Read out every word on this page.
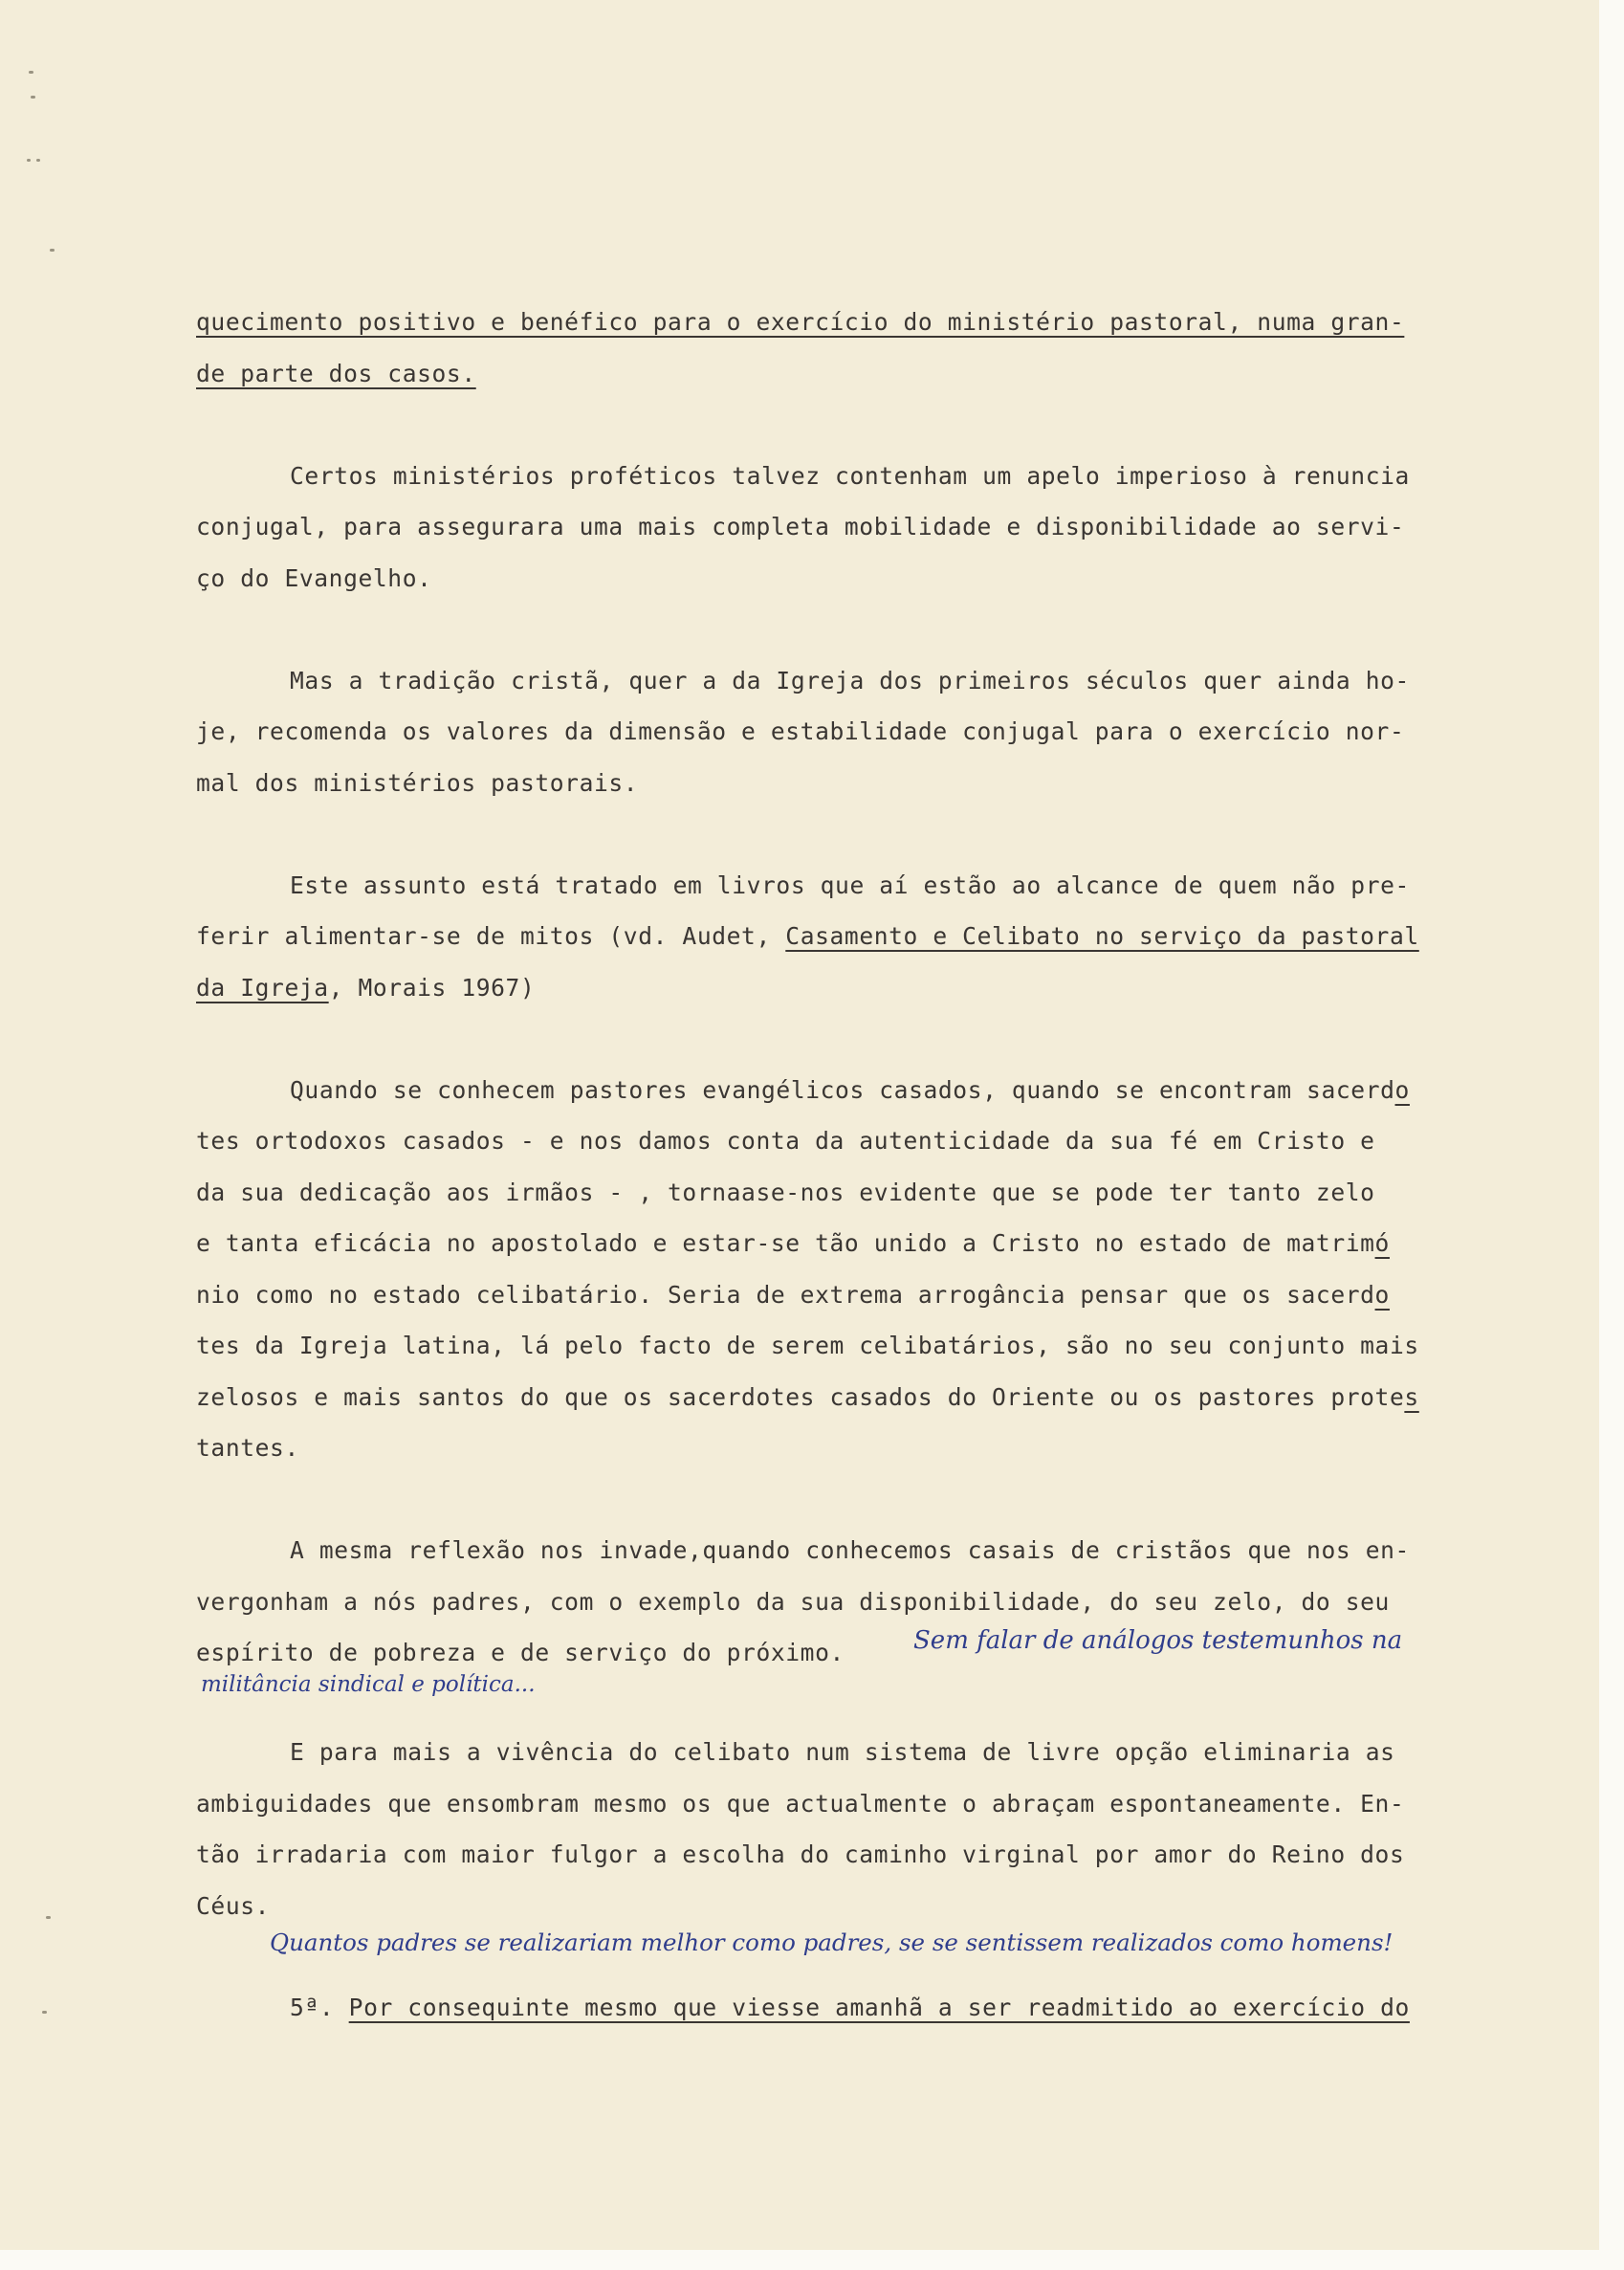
quecimento positivo e benéfico para o exercício do ministério pastoral, numa gran-
de parte dos casos.
Certos ministérios proféticos talvez contenham um apelo imperioso à renuncia
conjugal, para assegurara uma mais completa mobilidade e disponibilidade ao servi-
ço do Evangelho.
Mas a tradição cristã, quer a da Igreja dos primeiros séculos quer ainda ho-
je, recomenda os valores da dimensão e estabilidade conjugal para o exercício nor-
mal dos ministérios pastorais.
Este assunto está tratado em livros que aí estão ao alcance de quem não pre-
ferir alimentar-se de mitos (vd. Audet, Casamento e Celibato no serviço da pastoral
da Igreja, Morais 1967)
Quando se conhecem pastores evangélicos casados, quando se encontram sacerdo
tes ortodoxos casados - e nos damos conta da autenticidade da sua fé em Cristo e
da sua dedicação aos irmãos - , tornaase-nos evidente que se pode ter tanto zelo
e tanta eficácia no apostolado e estar-se tão unido a Cristo no estado de matrimó
nio como no estado celibatário. Seria de extrema arrogância pensar que os sacerdo
tes da Igreja latina, lá pelo facto de serem celibatários, são no seu conjunto mais
zelosos e mais santos do que os sacerdotes casados do Oriente ou os pastores protes
tantes.
A mesma reflexão nos invade,quando conhecemos casais de cristãos que nos en-
vergonham a nós padres, com o exemplo da sua disponibilidade, do seu zelo, do seu
espírito de pobreza e de serviço do próximo.	Sem falar de análogos testemunhos na
militância sindical e política...
E para mais a vivência do celibato num sistema de livre opção eliminaria as
ambiguidades que ensombram mesmo os que actualmente o abraçam espontaneamente. En-
tão irradaria com maior fulgor a escolha do caminho virginal por amor do Reino dos
Céus.
Quantos padres se realizariam melhor como padres, se se sentissem realizados como homens!
5ª. Por consequinte mesmo que viesse amanhã a ser readmitido ao exercício do
